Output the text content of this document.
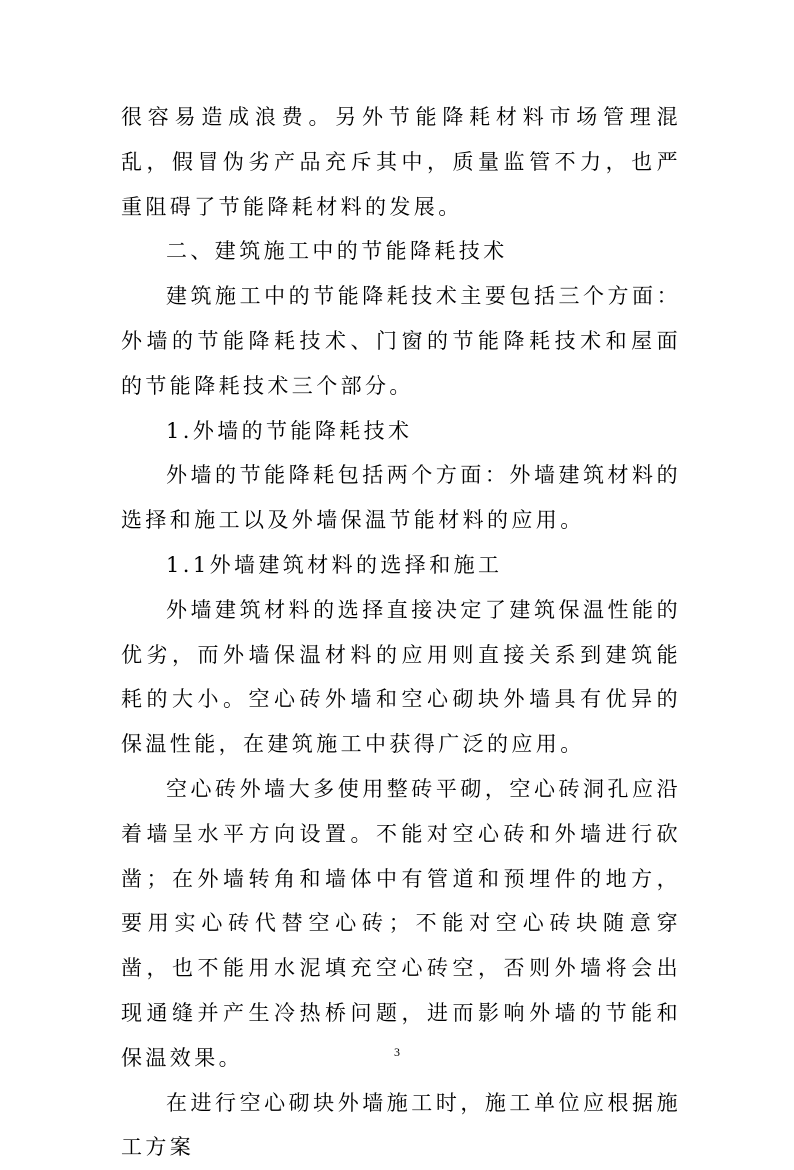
很容易造成浪费。另外节能降耗材料市场管理混乱，假冒伪劣产品充斥其中，质量监管不力，也严重阻碍了节能降耗材料的发展。

二、建筑施工中的节能降耗技术

建筑施工中的节能降耗技术主要包括三个方面：外墙的节能降耗技术、门窗的节能降耗技术和屋面的节能降耗技术三个部分。

1.外墙的节能降耗技术

外墙的节能降耗包括两个方面：外墙建筑材料的选择和施工以及外墙保温节能材料的应用。

1.1外墙建筑材料的选择和施工

外墙建筑材料的选择直接决定了建筑保温性能的优劣，而外墙保温材料的应用则直接关系到建筑能耗的大小。空心砖外墙和空心砌块外墙具有优异的保温性能，在建筑施工中获得广泛的应用。

空心砖外墙大多使用整砖平砌，空心砖洞孔应沿着墙呈水平方向设置。不能对空心砖和外墙进行砍凿；在外墙转角和墙体中有管道和预埋件的地方，要用实心砖代替空心砖；不能对空心砖块随意穿凿，也不能用水泥填充空心砖空，否则外墙将会出现通缝并产生冷热桥问题，进而影响外墙的节能和保温效果。

在进行空心砌块外墙施工时，施工单位应根据施工方案

3
